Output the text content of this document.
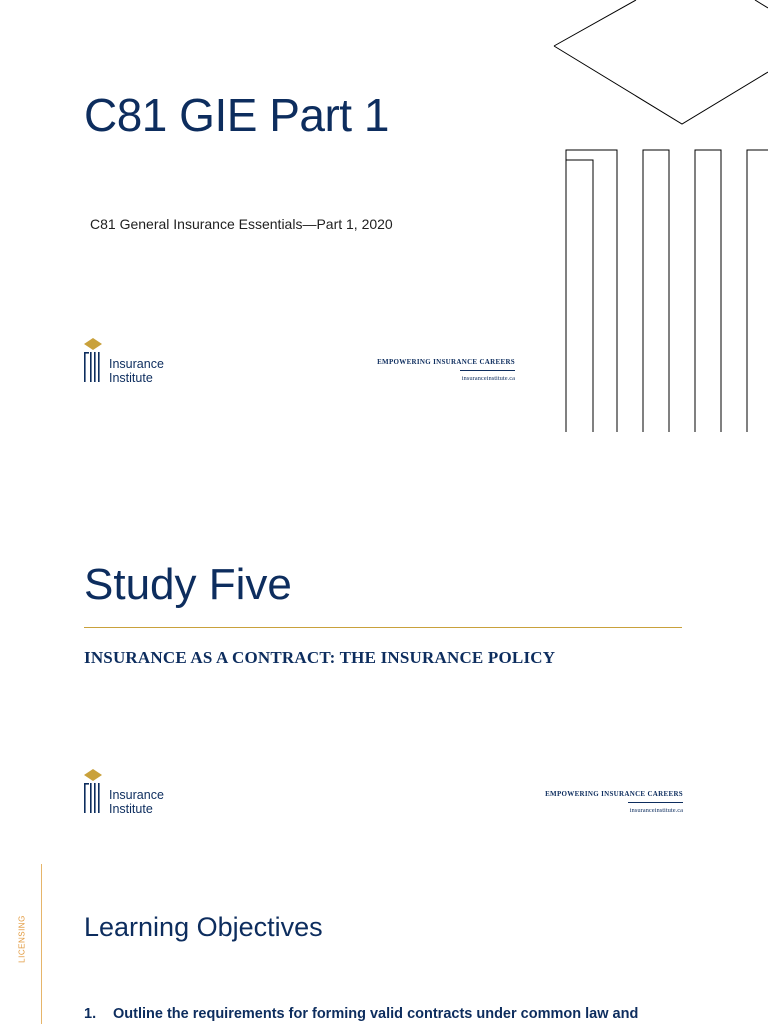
C81 GIE Part 1
C81 General Insurance Essentials—Part 1, 2020
Insurance
Institute
EMPOWERING INSURANCE CAREERS
insuranceinstitute.ca
Study Five
INSURANCE AS A CONTRACT: THE INSURANCE POLICY
Insurance
Institute
EMPOWERING INSURANCE CAREERS
insuranceinstitute.ca
LICENSING Learning Objectives
1.	Outline the requirements for forming valid contracts under common law and
